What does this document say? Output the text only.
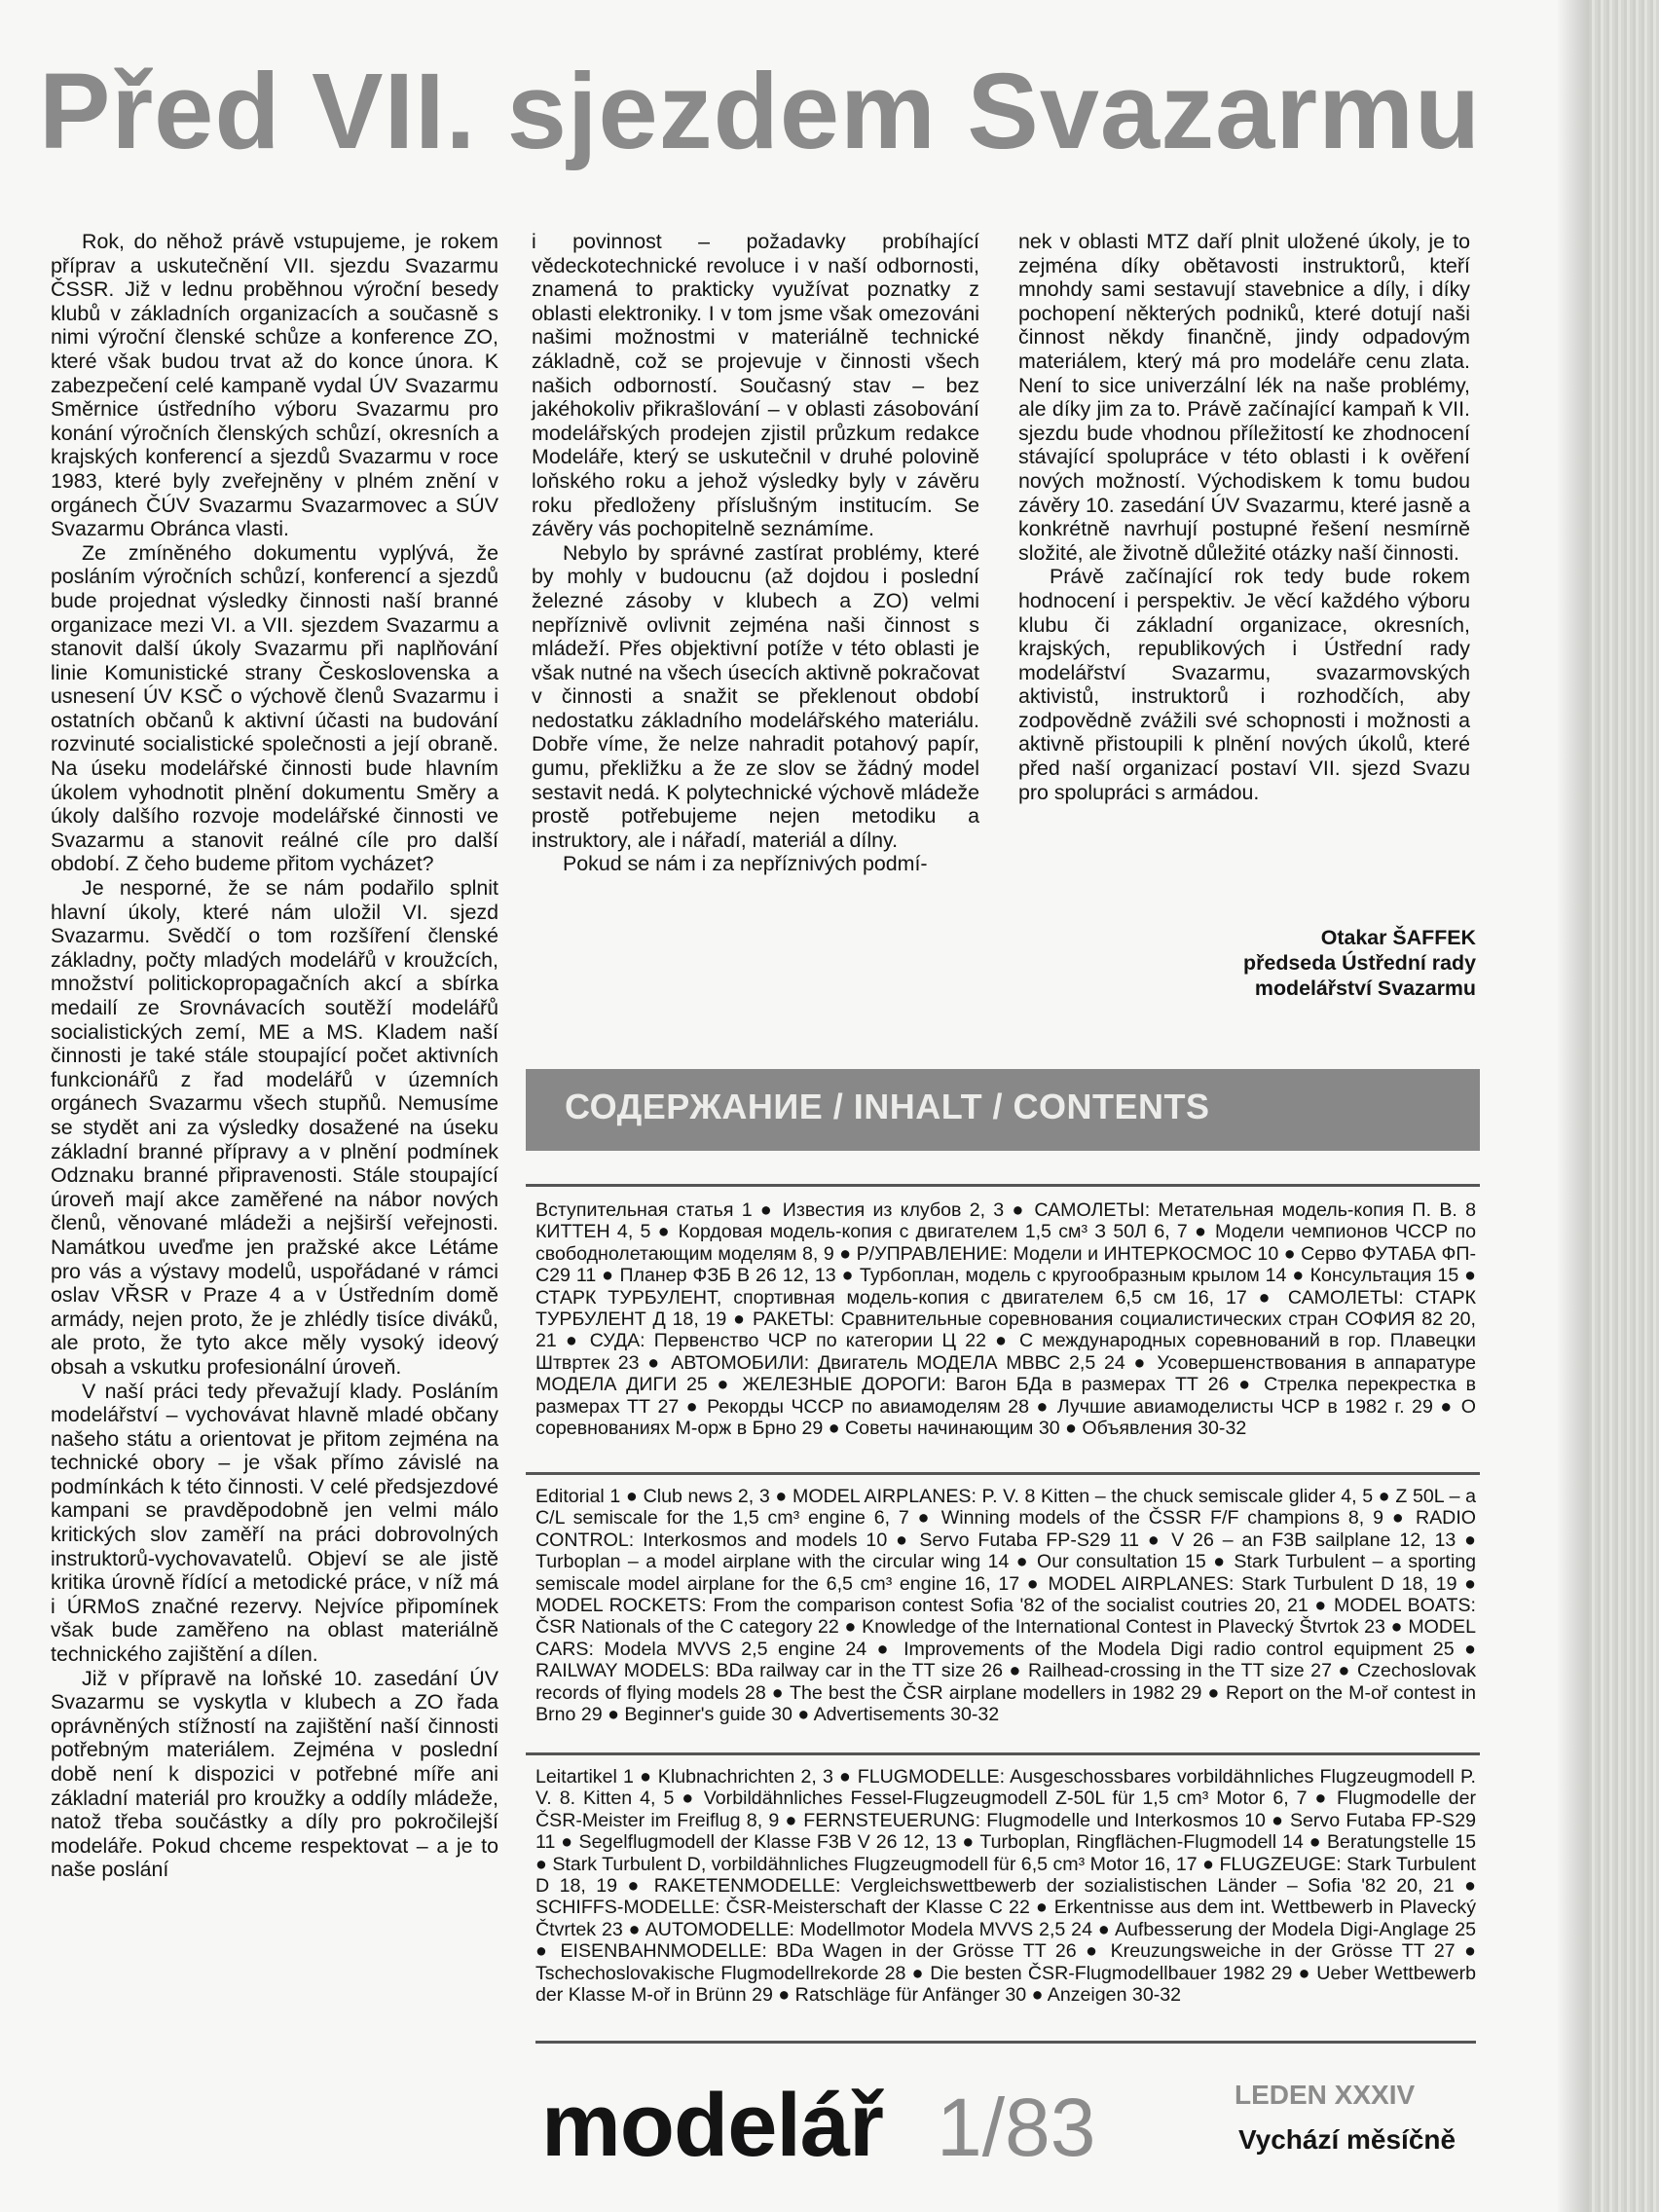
Před VII. sjezdem Svazarmu

Rok, do něhož právě vstupujeme, je rokem příprav a uskutečnění VII. sjezdu Svazarmu ČSSR. Již v lednu proběhnou výroční besedy klubů v základních organizacích a současně s nimi výroční členské schůze a konference ZO, které však budou trvat až do konce února. K zabezpečení celé kampaně vydal ÚV Svazarmu Směrnice ústředního výboru Svazarmu pro konání výročních členských schůzí, okresních a krajských konferencí a sjezdů Svazarmu v roce 1983, které byly zveřejněny v plném znění v orgánech ČÚV Svazarmu Svazarmovec a SÚV Svazarmu Obránca vlasti.

Ze zmíněného dokumentu vyplývá, že posláním výročních schůzí, konferencí a sjezdů bude projednat výsledky činnosti naší branné organizace mezi VI. a VII. sjezdem Svazarmu a stanovit další úkoly Svazarmu při naplňování linie Komunistické strany Československa a usnesení ÚV KSČ o výchově členů Svazarmu i ostatních občanů k aktivní účasti na budování rozvinuté socialistické společnosti a její obraně. Na úseku modelářské činnosti bude hlavním úkolem vyhodnotit plnění dokumentu Směry a úkoly dalšího rozvoje modelářské činnosti ve Svazarmu a stanovit reálné cíle pro další období. Z čeho budeme přitom vycházet?

Je nesporné, že se nám podařilo splnit hlavní úkoly, které nám uložil VI. sjezd Svazarmu. Svědčí o tom rozšíření členské základny, počty mladých modelářů v kroužcích, množství politickopropagačních akcí a sbírka medailí ze Srovnávacích soutěží modelářů socialistických zemí, ME a MS. Kladem naší činnosti je také stále stoupající počet aktivních funkcionářů z řad modelářů v územních orgánech Svazarmu všech stupňů. Nemusíme se stydět ani za výsledky dosažené na úseku základní branné přípravy a v plnění podmínek Odznaku branné připravenosti. Stále stoupající úroveň mají akce zaměřené na nábor nových členů, věnované mládeži a nejširší veřejnosti. Namátkou uveďme jen pražské akce Létáme pro vás a výstavy modelů, uspořádané v rámci oslav VŘSR v Praze 4 a v Ústředním domě armády, nejen proto, že je zhlédly tisíce diváků, ale proto, že tyto akce měly vysoký ideový obsah a vskutku profesionální úroveň.

V naší práci tedy převažují klady. Posláním modelářství – vychovávat hlavně mladé občany našeho státu a orientovat je přitom zejména na technické obory – je však přímo závislé na podmínkách k této činnosti. V celé předsjezdové kampani se pravděpodobně jen velmi málo kritických slov zaměří na práci dobrovolných instruktorů-vychovavatelů. Objeví se ale jistě kritika úrovně řídící a metodické práce, v níž má i ÚRMoS značné rezervy. Nejvíce připomínek však bude zaměřeno na oblast materiálně technického zajištění a dílen.

Již v přípravě na loňské 10. zasedání ÚV Svazarmu se vyskytla v klubech a ZO řada oprávněných stížností na zajištění naší činnosti potřebným materiálem. Zejména v poslední době není k dispozici v potřebné míře ani základní materiál pro kroužky a oddíly mládeže, natož třeba součástky a díly pro pokročilejší modeláře. Pokud chceme respektovat – a je to naše poslání

i povinnost – požadavky probíhající vědeckotechnické revoluce i v naší odbornosti, znamená to prakticky využívat poznatky z oblasti elektroniky. I v tom jsme však omezováni našimi možnostmi v materiálně technické základně, což se projevuje v činnosti všech našich odborností. Současný stav – bez jakéhokoliv přikrašlování – v oblasti zásobování modelářských prodejen zjistil průzkum redakce Modeláře, který se uskutečnil v druhé polovině loňského roku a jehož výsledky byly v závěru roku předloženy příslušným institucím. Se závěry vás pochopitelně seznámíme.

Nebylo by správné zastírat problémy, které by mohly v budoucnu (až dojdou i poslední železné zásoby v klubech a ZO) velmi nepříznivě ovlivnit zejména naši činnost s mládeží. Přes objektivní potíže v této oblasti je však nutné na všech úsecích aktivně pokračovat v činnosti a snažit se překlenout období nedostatku základního modelářského materiálu. Dobře víme, že nelze nahradit potahový papír, gumu, překližku a že ze slov se žádný model sestavit nedá. K polytechnické výchově mládeže prostě potřebujeme nejen metodiku a instruktory, ale i nářadí, materiál a dílny.

Pokud se nám i za nepříznivých podmí-

nek v oblasti MTZ daří plnit uložené úkoly, je to zejména díky obětavosti instruktorů, kteří mnohdy sami sestavují stavebnice a díly, i díky pochopení některých podniků, které dotují naši činnost někdy finančně, jindy odpadovým materiálem, který má pro modeláře cenu zlata. Není to sice univerzální lék na naše problémy, ale díky jim za to. Právě začínající kampaň k VII. sjezdu bude vhodnou příležitostí ke zhodnocení stávající spolupráce v této oblasti i k ověření nových možností. Východiskem k tomu budou závěry 10. zasedání ÚV Svazarmu, které jasně a konkrétně navrhují postupné řešení nesmírně složité, ale životně důležité otázky naší činnosti.

Právě začínající rok tedy bude rokem hodnocení i perspektiv. Je věcí každého výboru klubu či základní organizace, okresních, krajských, republikových i Ústřední rady modelářství Svazarmu, svazarmovských aktivistů, instruktorů i rozhodčích, aby zodpovědně zvážili své schopnosti i možnosti a aktivně přistoupili k plnění nových úkolů, které před naší organizací postaví VII. sjezd Svazu pro spolupráci s armádou.

Otakar ŠAFFEK
předseda Ústřední rady
modelářství Svazarmu
СОДЕРЖАНИЕ / INHALT / CONTENTS
Вступительная статья 1 ● Известия из клубов 2, 3 ● САМОЛЕТЫ: Метательная модель-копия П. В. 8 КИТТЕН 4, 5 ● Кордовая модель-копия с двигателем 1,5 см³ З 50Л 6, 7 ● Модели чемпионов ЧССР по свободнолетающим моделям 8, 9 ● Р/УПРАВЛЕНИЕ: Модели и ИНТЕРКОСМОС 10 ● Серво ФУТАБА ФП-С29 11 ● Планер ФЗБ В 26 12, 13 ● Турбоплан, модель с кругообразным крылом 14 ● Консультация 15 ● СТАРК ТУРБУЛЕНТ, спортивная модель-копия с двигателем 6,5 см 16, 17 ● САМОЛЕТЫ: СТАРК ТУРБУЛЕНТ Д 18, 19 ● РАКЕТЫ: Сравнительные соревнования социалистических стран СОФИЯ 82 20, 21 ● СУДА: Первенство ЧСР по категории Ц 22 ● С международных соревнований в гор. Плавецки Штвртек 23 ● АВТОМОБИЛИ: Двигатель МОДЕЛА МВВС 2,5 24 ● Усовершенствования в аппаратуре МОДЕЛА ДИГИ 25 ● ЖЕЛЕЗНЫЕ ДОРОГИ: Вагон БДа в размерах ТТ 26 ● Стрелка перекрестка в размерах ТТ 27 ● Рекорды ЧССР по авиамоделям 28 ● Лучшие авиамоделисты ЧСР в 1982 г. 29 ● О соревнованиях М-орж в Брно 29 ● Советы начинающим 30 ● Объявления 30-32
Editorial 1 ● Club news 2, 3 ● MODEL AIRPLANES: P. V. 8 Kitten – the chuck semiscale glider 4, 5 ● Z 50L – a C/L semiscale for the 1,5 cm³ engine 6, 7 ● Winning models of the ČSSR F/F champions 8, 9 ● RADIO CONTROL: Interkosmos and models 10 ● Servo Futaba FP-S29 11 ● V 26 – an F3B sailplane 12, 13 ● Turboplan – a model airplane with the circular wing 14 ● Our consultation 15 ● Stark Turbulent – a sporting semiscale model airplane for the 6,5 cm³ engine 16, 17 ● MODEL AIRPLANES: Stark Turbulent D 18, 19 ● MODEL ROCKETS: From the comparison contest Sofia '82 of the socialist coutries 20, 21 ● MODEL BOATS: ČSR Nationals of the C category 22 ● Knowledge of the International Contest in Plavecký Štvrtok 23 ● MODEL CARS: Modela MVVS 2,5 engine 24 ● Improvements of the Modela Digi radio control equipment 25 ● RAILWAY MODELS: BDa railway car in the TT size 26 ● Railhead-crossing in the TT size 27 ● Czechoslovak records of flying models 28 ● The best the ČSR airplane modellers in 1982 29 ● Report on the M-oř contest in Brno 29 ● Beginner's guide 30 ● Advertisements 30-32
Leitartikel 1 ● Klubnachrichten 2, 3 ● FLUGMODELLE: Ausgeschossbares vorbildähnliches Flugzeugmodell P. V. 8. Kitten 4, 5 ● Vorbildähnliches Fessel-Flugzeugmodell Z-50L für 1,5 cm³ Motor 6, 7 ● Flugmodelle der ČSR-Meister im Freiflug 8, 9 ● FERNSTEUERUNG: Flugmodelle und Interkosmos 10 ● Servo Futaba FP-S29 11 ● Segelflugmodell der Klasse F3B V 26 12, 13 ● Turboplan, Ringflächen-Flugmodell 14 ● Beratungstelle 15 ● Stark Turbulent D, vorbildähnliches Flugzeugmodell für 6,5 cm³ Motor 16, 17 ● FLUGZEUGE: Stark Turbulent D 18, 19 ● RAKETENMODELLE: Vergleichswettbewerb der sozialistischen Länder – Sofia '82 20, 21 ● SCHIFFS-MODELLE: ČSR-Meisterschaft der Klasse C 22 ● Erkentnisse aus dem int. Wettbewerb in Plavecký Čtvrtek 23 ● AUTOMODELLE: Modellmotor Modela MVVS 2,5 24 ● Aufbesserung der Modela Digi-Anglage 25 ● EISENBAHNMODELLE: BDa Wagen in der Grösse TT 26 ● Kreuzungsweiche in der Grösse TT 27 ● Tschechoslovakische Flugmodellrekorde 28 ● Die besten ČSR-Flugmodellbauer 1982 29 ● Ueber Wettbewerb der Klasse M-oř in Brünn 29 ● Ratschläge für Anfänger 30 ● Anzeigen 30-32
modelář 1/83	LEDEN XXXIV
Vychází měsíčně
